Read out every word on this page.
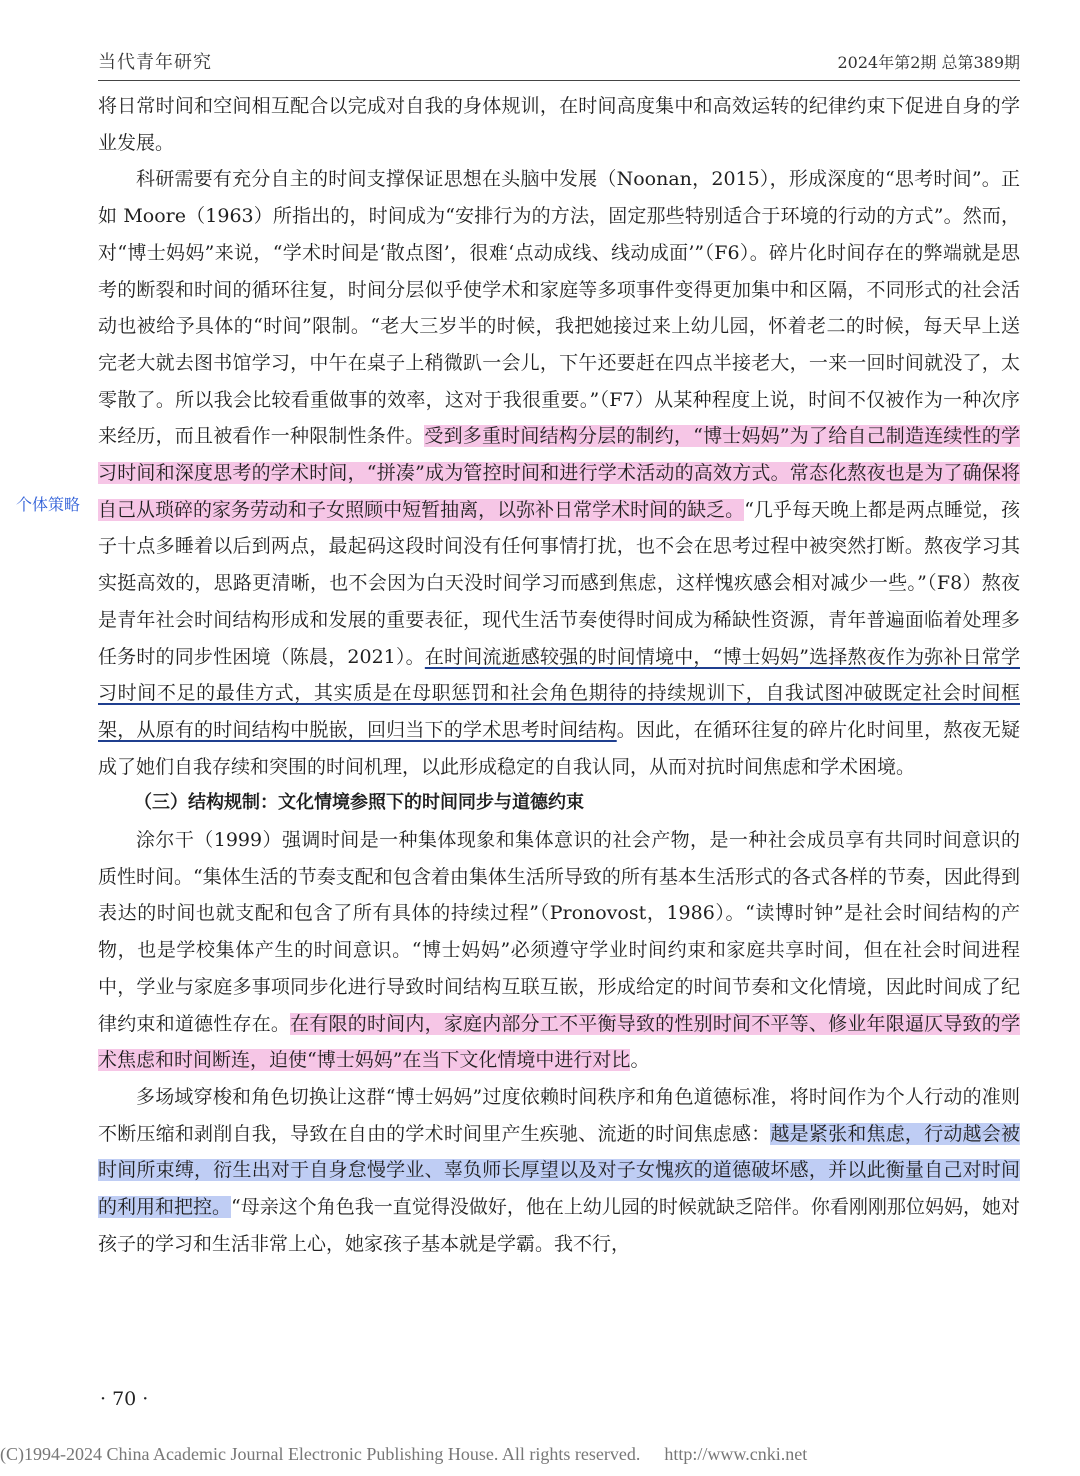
当代青年研究	2024年第2期 总第389期
个体策略

将日常时间和空间相互配合以完成对自我的身体规训，在时间高度集中和高效运转的纪律约束下促进自身的学业发展。

科研需要有充分自主的时间支撑保证思想在头脑中发展（Noonan，2015），形成深度的“思考时间”。正如 Moore（1963）所指出的，时间成为“安排行为的方法，固定那些特别适合于环境的行动的方式”。然而，对“博士妈妈”来说，“学术时间是‘散点图’，很难‘点动成线、线动成面’”（F6）。碎片化时间存在的弊端就是思考的断裂和时间的循环往复，时间分层似乎使学术和家庭等多项事件变得更加集中和区隔，不同形式的社会活动也被给予具体的“时间”限制。“老大三岁半的时候，我把她接过来上幼儿园，怀着老二的时候，每天早上送完老大就去图书馆学习，中午在桌子上稍微趴一会儿，下午还要赶在四点半接老大，一来一回时间就没了，太零散了。所以我会比较看重做事的效率，这对于我很重要。”（F7）从某种程度上说，时间不仅被作为一种次序来经历，而且被看作一种限制性条件。受到多重时间结构分层的制约，“博士妈妈”为了给自己制造连续性的学习时间和深度思考的学术时间，“拼凑”成为管控时间和进行学术活动的高效方式。常态化熬夜也是为了确保将自己从琐碎的家务劳动和子女照顾中短暂抽离，以弥补日常学术时间的缺乏。“几乎每天晚上都是两点睡觉，孩子十点多睡着以后到两点，最起码这段时间没有任何事情打扰，也不会在思考过程中被突然打断。熬夜学习其实挺高效的，思路更清晰，也不会因为白天没时间学习而感到焦虑，这样愧疚感会相对减少一些。”（F8）熬夜是青年社会时间结构形成和发展的重要表征，现代生活节奏使得时间成为稀缺性资源，青年普遍面临着处理多任务时的同步性困境（陈晨，2021）。在时间流逝感较强的时间情境中，“博士妈妈”选择熬夜作为弥补日常学习时间不足的最佳方式，其实质是在母职惩罚和社会角色期待的持续规训下，自我试图冲破既定社会时间框架，从原有的时间结构中脱嵌，回归当下的学术思考时间结构。因此，在循环往复的碎片化时间里，熬夜无疑成了她们自我存续和突围的时间机理，以此形成稳定的自我认同，从而对抗时间焦虑和学术困境。

（三）结构规制：文化情境参照下的时间同步与道德约束

涂尔干（1999）强调时间是一种集体现象和集体意识的社会产物，是一种社会成员享有共同时间意识的质性时间。“集体生活的节奏支配和包含着由集体生活所导致的所有基本生活形式的各式各样的节奏，因此得到表达的时间也就支配和包含了所有具体的持续过程”（Pronovost，1986）。“读博时钟”是社会时间结构的产物，也是学校集体产生的时间意识。“博士妈妈”必须遵守学业时间约束和家庭共享时间，但在社会时间进程中，学业与家庭多事项同步化进行导致时间结构互联互嵌，形成给定的时间节奏和文化情境，因此时间成了纪律约束和道德性存在。在有限的时间内，家庭内部分工不平衡导致的性别时间不平等、修业年限逼仄导致的学术焦虑和时间断连，迫使“博士妈妈”在当下文化情境中进行对比。

多场域穿梭和角色切换让这群“博士妈妈”过度依赖时间秩序和角色道德标准，将时间作为个人行动的准则不断压缩和剥削自我，导致在自由的学术时间里产生疾驰、流逝的时间焦虑感：越是紧张和焦虑，行动越会被时间所束缚，衍生出对于自身怠慢学业、辜负师长厚望以及对子女愧疚的道德破坏感，并以此衡量自己对时间的利用和把控。“母亲这个角色我一直觉得没做好，他在上幼儿园的时候就缺乏陪伴。你看刚刚那位妈妈，她对孩子的学习和生活非常上心，她家孩子基本就是学霸。我不行，

· 70 ·
(C)1994-2024 China Academic Journal Electronic Publishing House. All rights reserved. http://www.cnki.net
